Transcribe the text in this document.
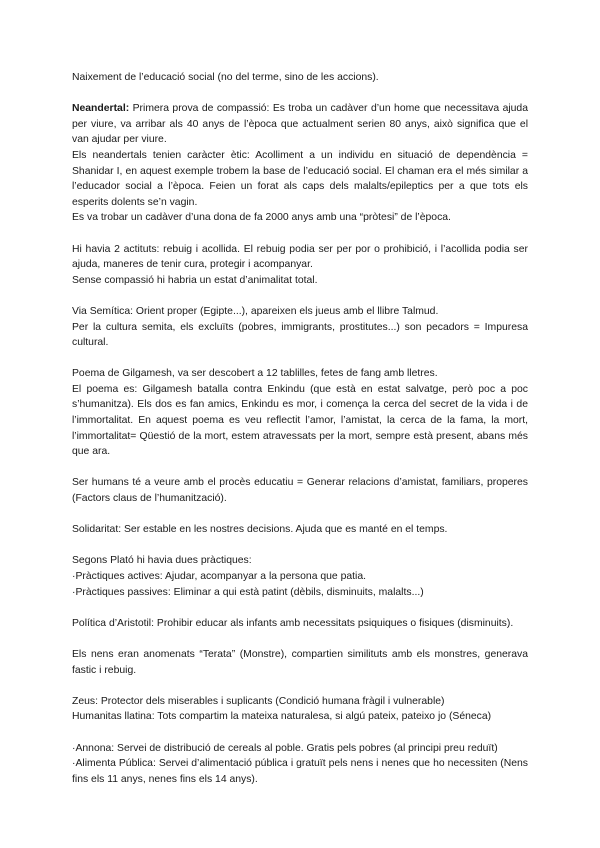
Naixement de l’educació social (no del terme, sino de les accions).

Neandertal: Primera prova de compassió: Es troba un cadàver d’un home que necessitava ajuda per viure, va arribar als 40 anys de l’època que actualment serien 80 anys, això significa que el van ajudar per viure.
Els neandertals tenien caràcter ètic: Acolliment a un individu en situació de dependència = Shanidar I, en aquest exemple trobem la base de l’educació social. El chaman era el més similar a l’educador social a l’època. Feien un forat als caps dels malalts/epileptics per a que tots els esperits dolents se’n vagin.
Es va trobar un cadàver d’una dona de fa 2000 anys amb una “pròtesi” de l’època.

Hi havia 2 actituts: rebuig i acollida. El rebuig podia ser per por o prohibició, i l’acollida podia ser ajuda, maneres de tenir cura, protegir i acompanyar.
Sense compassió hi habria un estat d’animalitat total.

Via Semítica: Orient proper (Egipte...), apareixen els jueus amb el llibre Talmud.
Per la cultura semita, els excluïts (pobres, immigrants, prostitutes...) son pecadors = Impuresa cultural.

Poema de Gilgamesh, va ser descobert a 12 tablilles, fetes de fang amb lletres.
El poema es: Gilgamesh batalla contra Enkindu (que està en estat salvatge, però poc a poc s’humanitza). Els dos es fan amics, Enkindu es mor, i comença la cerca del secret de la vida i de l’immortalitat. En aquest poema es veu reflectit l’amor, l’amistat, la cerca de la fama, la mort, l’immortalitat= Qüestió de la mort, estem atravessats per la mort, sempre està present, abans més que ara.

Ser humans té a veure amb el procès educatiu = Generar relacions d’amistat, familiars, properes (Factors claus de l’humanització).

Solidaritat: Ser estable en les nostres decisions. Ajuda que es manté en el temps.

Segons Plató hi havia dues pràctiques:
·Pràctiques actives: Ajudar, acompanyar a la persona que patia.
·Pràctiques passives: Eliminar a qui està patint (dèbils, disminuits, malalts...)

Política d’Aristotil: Prohibir educar als infants amb necessitats psiquiques o fisiques (disminuits).

Els nens eran anomenats “Terata” (Monstre), compartien similituts amb els monstres, generava fastic i rebuig.

Zeus: Protector dels miserables i suplicants (Condició humana fràgil i vulnerable)
Humanitas llatina: Tots compartim la mateixa naturalesa, si algú pateix, pateixo jo (Séneca)

·Annona: Servei de distribució de cereals al poble. Gratis pels pobres (al principi preu reduït)
·Alimenta Pública: Servei d’alimentació pública i gratuït pels nens i nenes que ho necessiten (Nens fins els 11 anys, nenes fins els 14 anys).
